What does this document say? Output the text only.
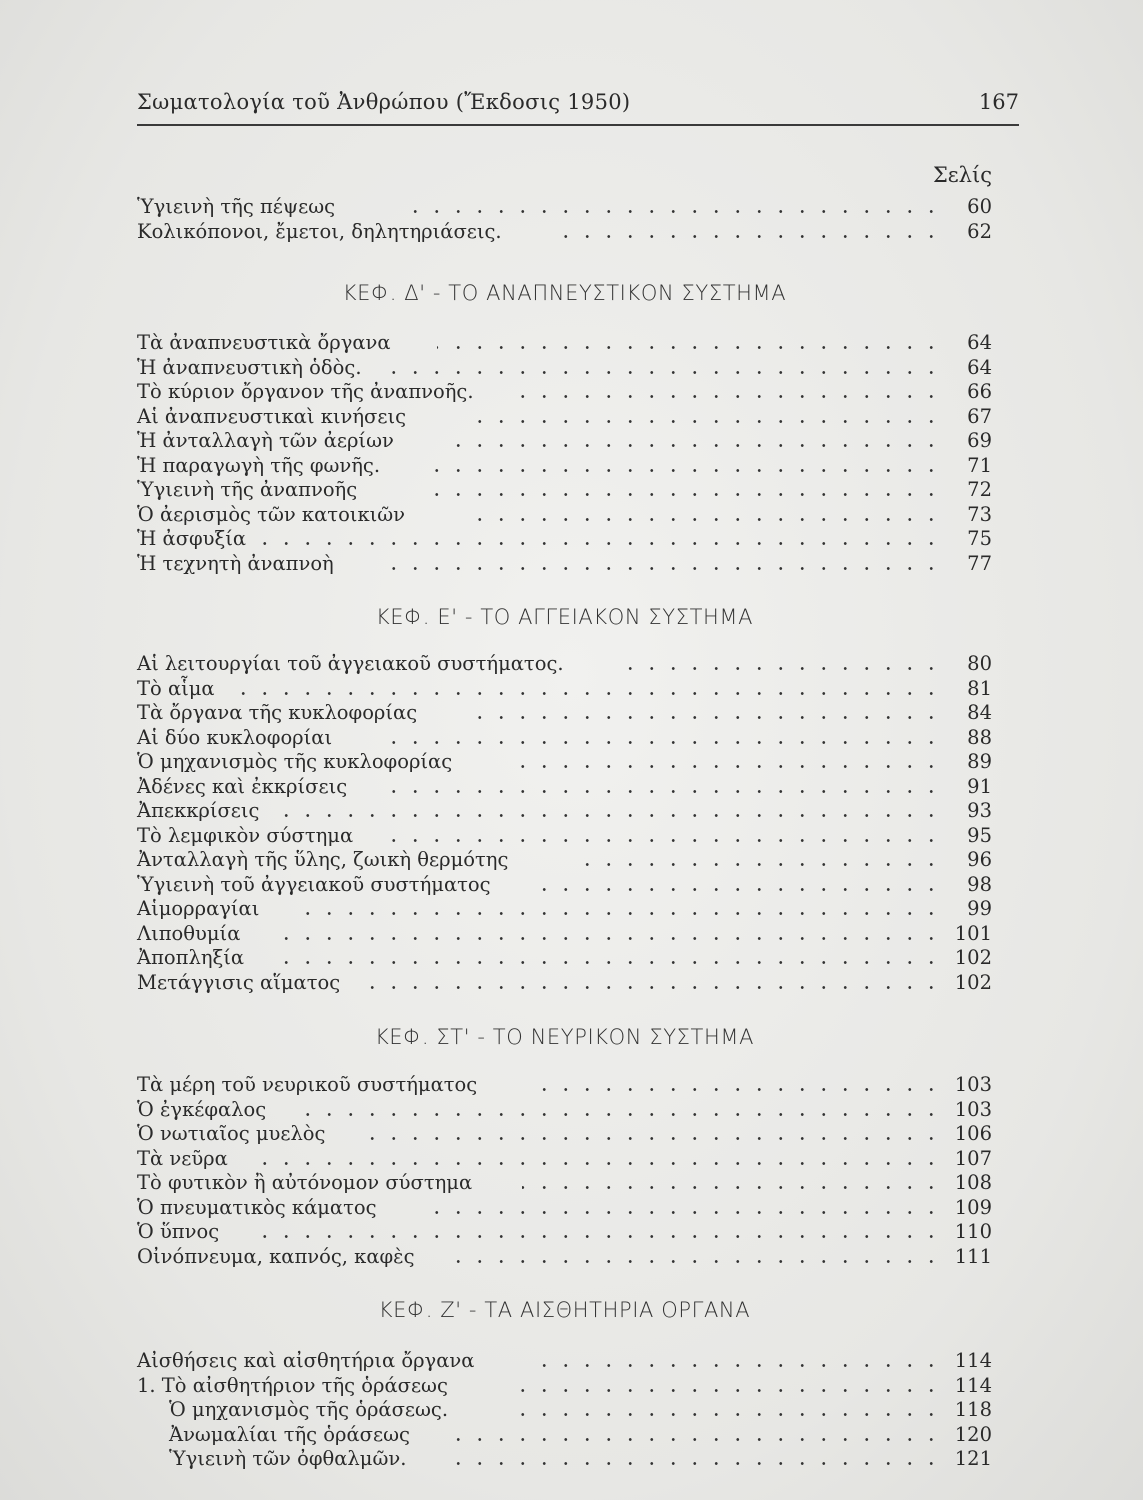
Σωματολογία τοῦ Ἀνθρώπου (Ἔκδοσις 1950)	167
Σελίς
Ὑγιεινὴ τῆς πέψεως	60
Κολικόπονοι, ἔμετοι, δηλητηριάσεις.	62
ΚΕΦ. Δ' - ΤΟ ΑΝΑΠΝΕΥΣΤΙΚΟΝ ΣΥΣΤΗΜΑ
Τὰ ἀναπνευστικὰ ὄργανα	64
Ἡ ἀναπνευστικὴ ὁδὸς.	64
Τὸ κύριον ὄργανον τῆς ἀναπνοῆς.	66
Αἱ ἀναπνευστικαὶ κινήσεις	67
Ἡ ἀνταλλαγὴ τῶν ἀερίων	69
Ἡ παραγωγὴ τῆς φωνῆς.	71
Ὑγιεινὴ τῆς ἀναπνοῆς	72
Ὁ ἀερισμὸς τῶν κατοικιῶν	73
Ἡ ἀσφυξία	75
Ἡ τεχνητὴ ἀναπνοὴ	77
ΚΕΦ. Ε' - ΤΟ ΑΓΓΕΙΑΚΟΝ ΣΥΣΤΗΜΑ
Αἱ λειτουργίαι τοῦ ἀγγειακοῦ συστήματος.	80
Τὸ αἷμα	81
Τὰ ὄργανα τῆς κυκλοφορίας	84
Αἱ δύο κυκλοφορίαι	88
Ὁ μηχανισμὸς τῆς κυκλοφορίας	89
Ἀδένες καὶ ἐκκρίσεις	91
Ἀπεκκρίσεις	93
Τὸ λεμφικὸν σύστημα	95
Ἀνταλλαγὴ τῆς ὕλης, ζωικὴ θερμότης	96
Ὑγιεινὴ τοῦ ἀγγειακοῦ συστήματος	98
Αἱμορραγίαι	99
Λιποθυμία	101
Ἀποπληξία	102
Μετάγγισις αἵματος	102
ΚΕΦ. ΣΤ' - ΤΟ ΝΕΥΡΙΚΟΝ ΣΥΣΤΗΜΑ
Τὰ μέρη τοῦ νευρικοῦ συστήματος	103
Ὁ ἐγκέφαλος	103
Ὁ νωτιαῖος μυελὸς	106
Τὰ νεῦρα	107
Τὸ φυτικὸν ἢ αὐτόνομον σύστημα	108
Ὁ πνευματικὸς κάματος	109
Ὁ ὕπνος	110
Οἰνόπνευμα, καπνός, καφὲς	111
ΚΕΦ. Ζ' - ΤΑ ΑΙΣΘΗΤΗΡΙΑ ΟΡΓΑΝΑ
Αἰσθήσεις καὶ αἰσθητήρια ὄργανα	114
1. Τὸ αἰσθητήριον τῆς ὁράσεως	114
Ὁ μηχανισμὸς τῆς ὁράσεως.	118
Ἀνωμαλίαι τῆς ὁράσεως	120
Ὑγιεινὴ τῶν ὀφθαλμῶν.	121
